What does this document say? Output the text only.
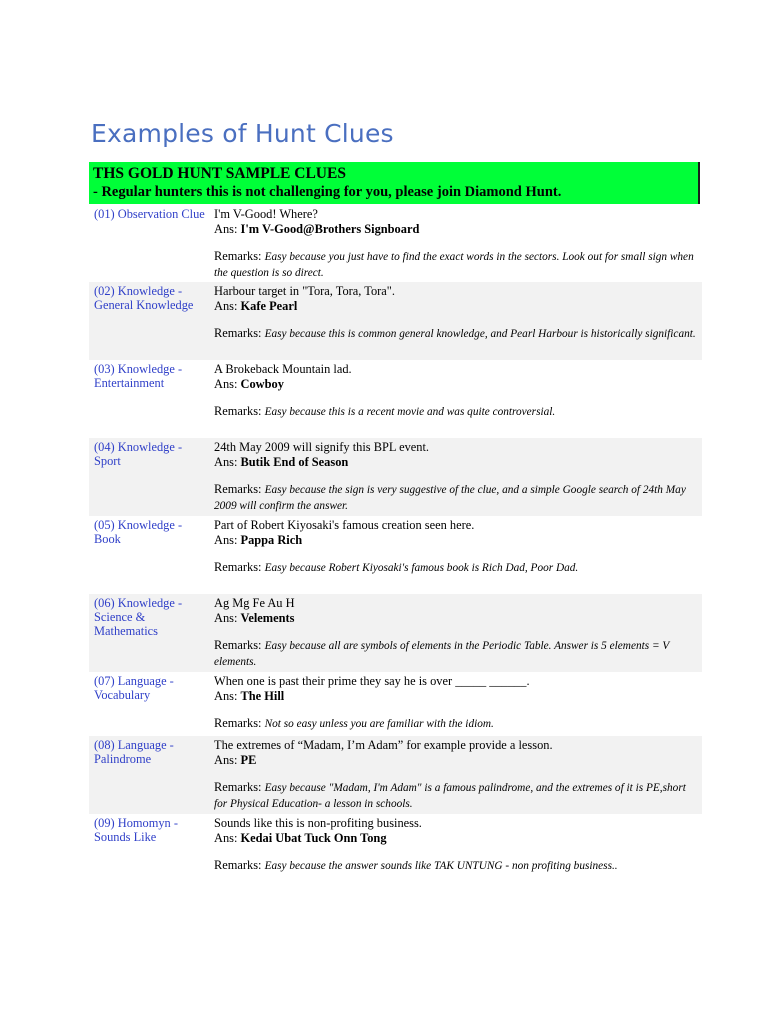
Examples of Hunt Clues
THS GOLD HUNT SAMPLE CLUES
- Regular hunters this is not challenging for you, please join Diamond Hunt.
(01) Observation Clue I'm V-Good! Where?
Ans: I'm V-Good@Brothers Signboard
Remarks: Easy because you just have to find the exact words in the sectors. Look out for small sign when the question is so direct.
(02) Knowledge - General Knowledge
Harbour target in "Tora, Tora, Tora".
Ans: Kafe Pearl
Remarks: Easy because this is common general knowledge, and Pearl Harbour is historically significant.
(03) Knowledge - Entertainment
A Brokeback Mountain lad.
Ans: Cowboy
Remarks: Easy because this is a recent movie and was quite controversial.
(04) Knowledge - Sport
24th May 2009 will signify this BPL event.
Ans: Butik End of Season
Remarks: Easy because the sign is very suggestive of the clue, and a simple Google search of 24th May 2009 will confirm the answer.
(05) Knowledge - Book
Part of Robert Kiyosaki's famous creation seen here.
Ans: Pappa Rich
Remarks: Easy because Robert Kiyosaki's famous book is Rich Dad, Poor Dad.
(06) Knowledge - Science & Mathematics
Ag Mg Fe Au H
Ans: Velements
Remarks: Easy because all are symbols of elements in the Periodic Table. Answer is 5 elements = V elements.
(07) Language - Vocabulary
When one is past their prime they say he is over _____ ______.
Ans: The Hill
Remarks: Not so easy unless you are familiar with the idiom.
(08) Language - Palindrome
The extremes of “Madam, I’m Adam” for example provide a lesson.
Ans: PE
Remarks: Easy because "Madam, I'm Adam" is a famous palindrome, and the extremes of it is PE,short for Physical Education- a lesson in schools.
(09) Homomyn - Sounds Like
Sounds like this is non-profiting business.
Ans: Kedai Ubat Tuck Onn Tong
Remarks: Easy because the answer sounds like TAK UNTUNG - non profiting business..
